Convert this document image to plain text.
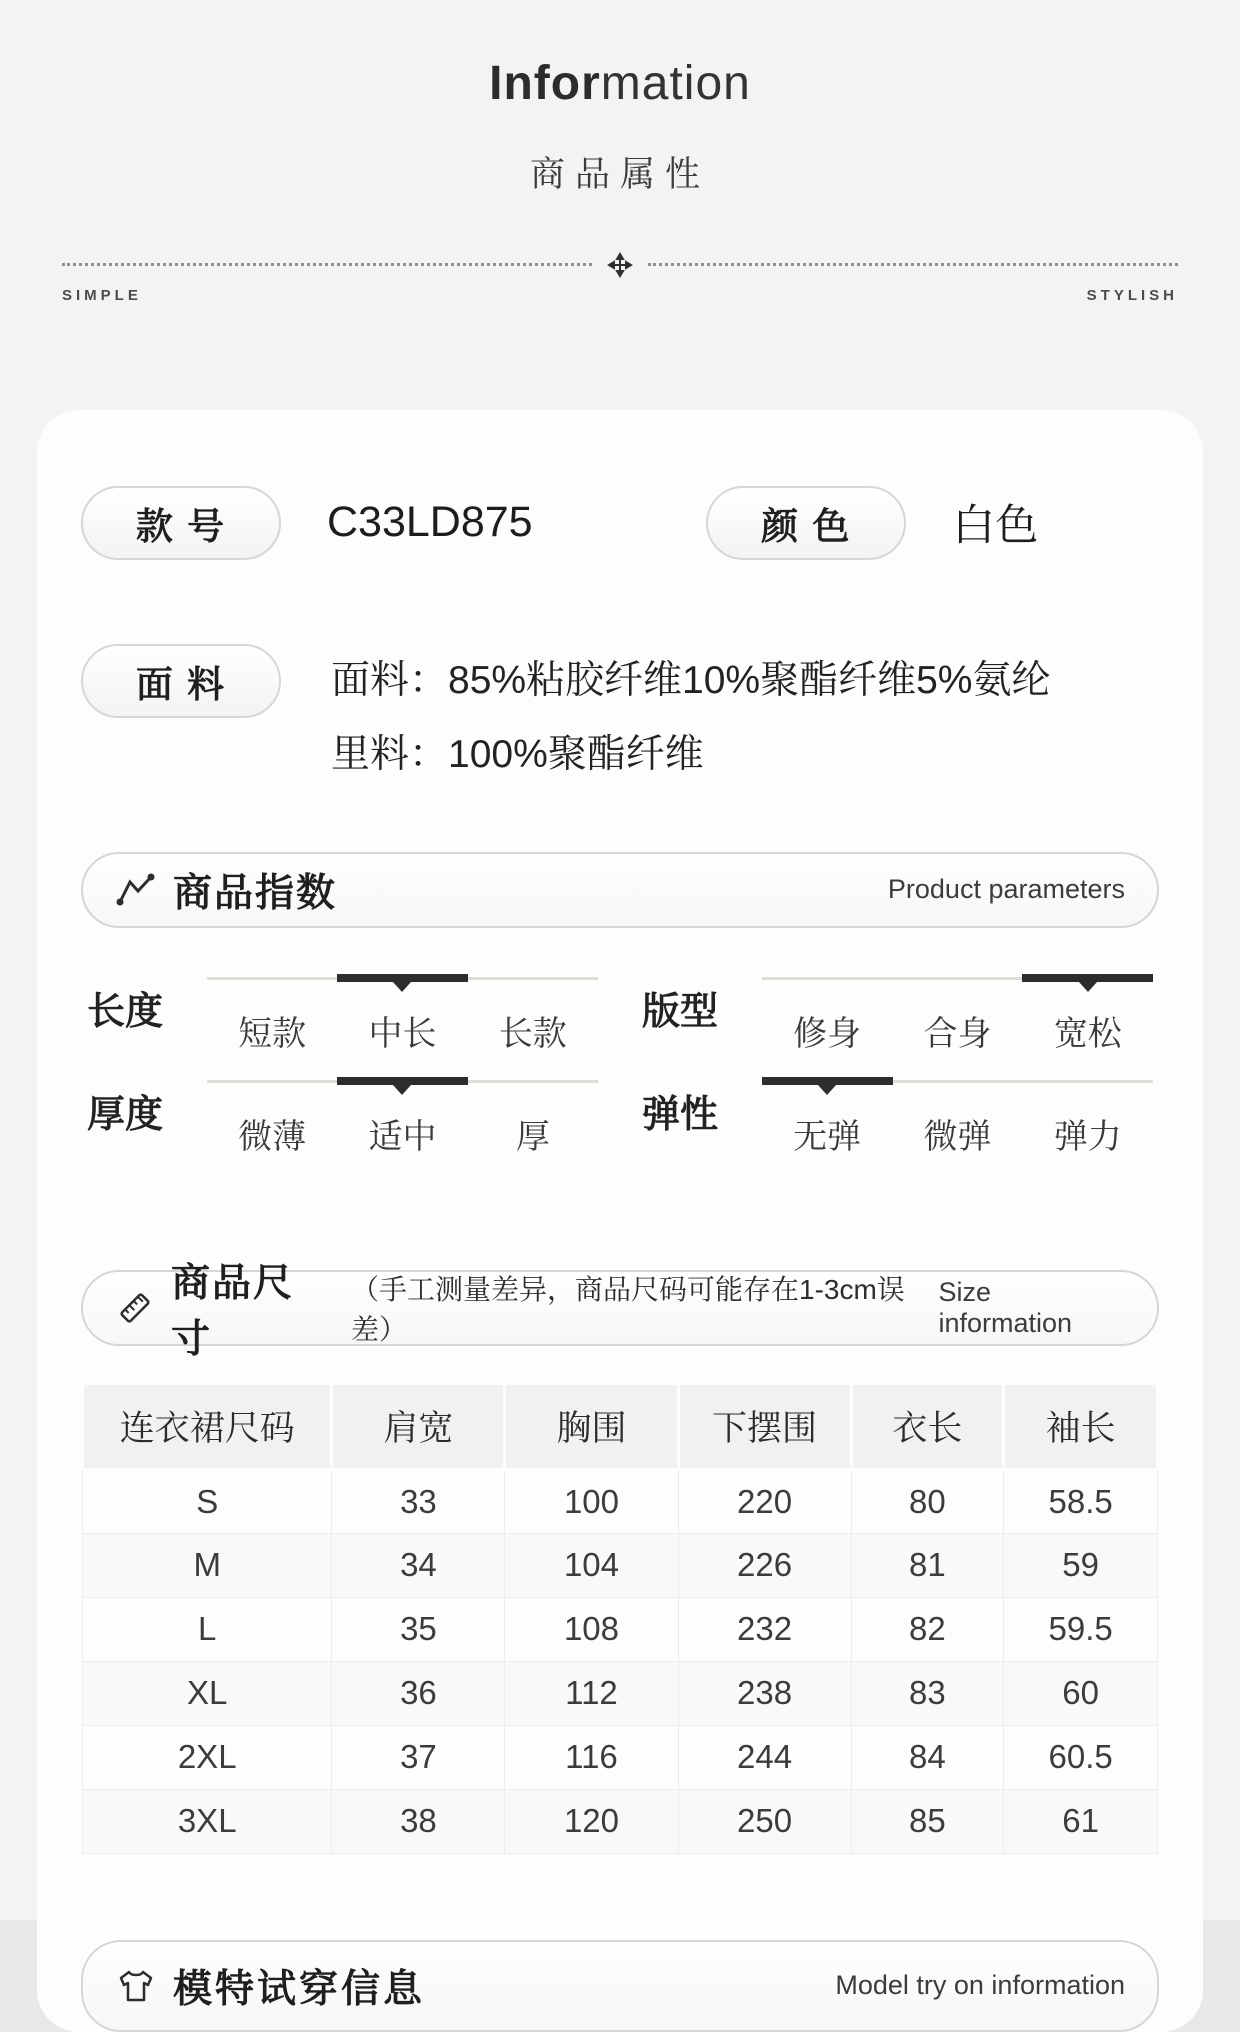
Information
商品属性
SIMPLE	STYLISH
款 号	C33LD875	颜 色	白色
面 料	面料：85%粘胶纤维10%聚酯纤维5%氨纶
里料：100%聚酯纤维
商品指数	Product parameters
长度
短款	中长	长款
版型
修身	合身	宽松
厚度
微薄	适中	厚
弹性
无弹	微弹	弹力
商品尺寸
（手工测量差异，商品尺码可能存在1-3cm误差）
Size information
连衣裙尺码	肩宽	胸围	下摆围	衣长	袖长
S	33	100	220	80	58.5
M	34	104	226	81	59
L	35	108	232	82	59.5
XL	36	112	238	83	60
2XL	37	116	244	84	60.5
3XL	38	120	250	85	61
模特试穿信息	Model try on information
